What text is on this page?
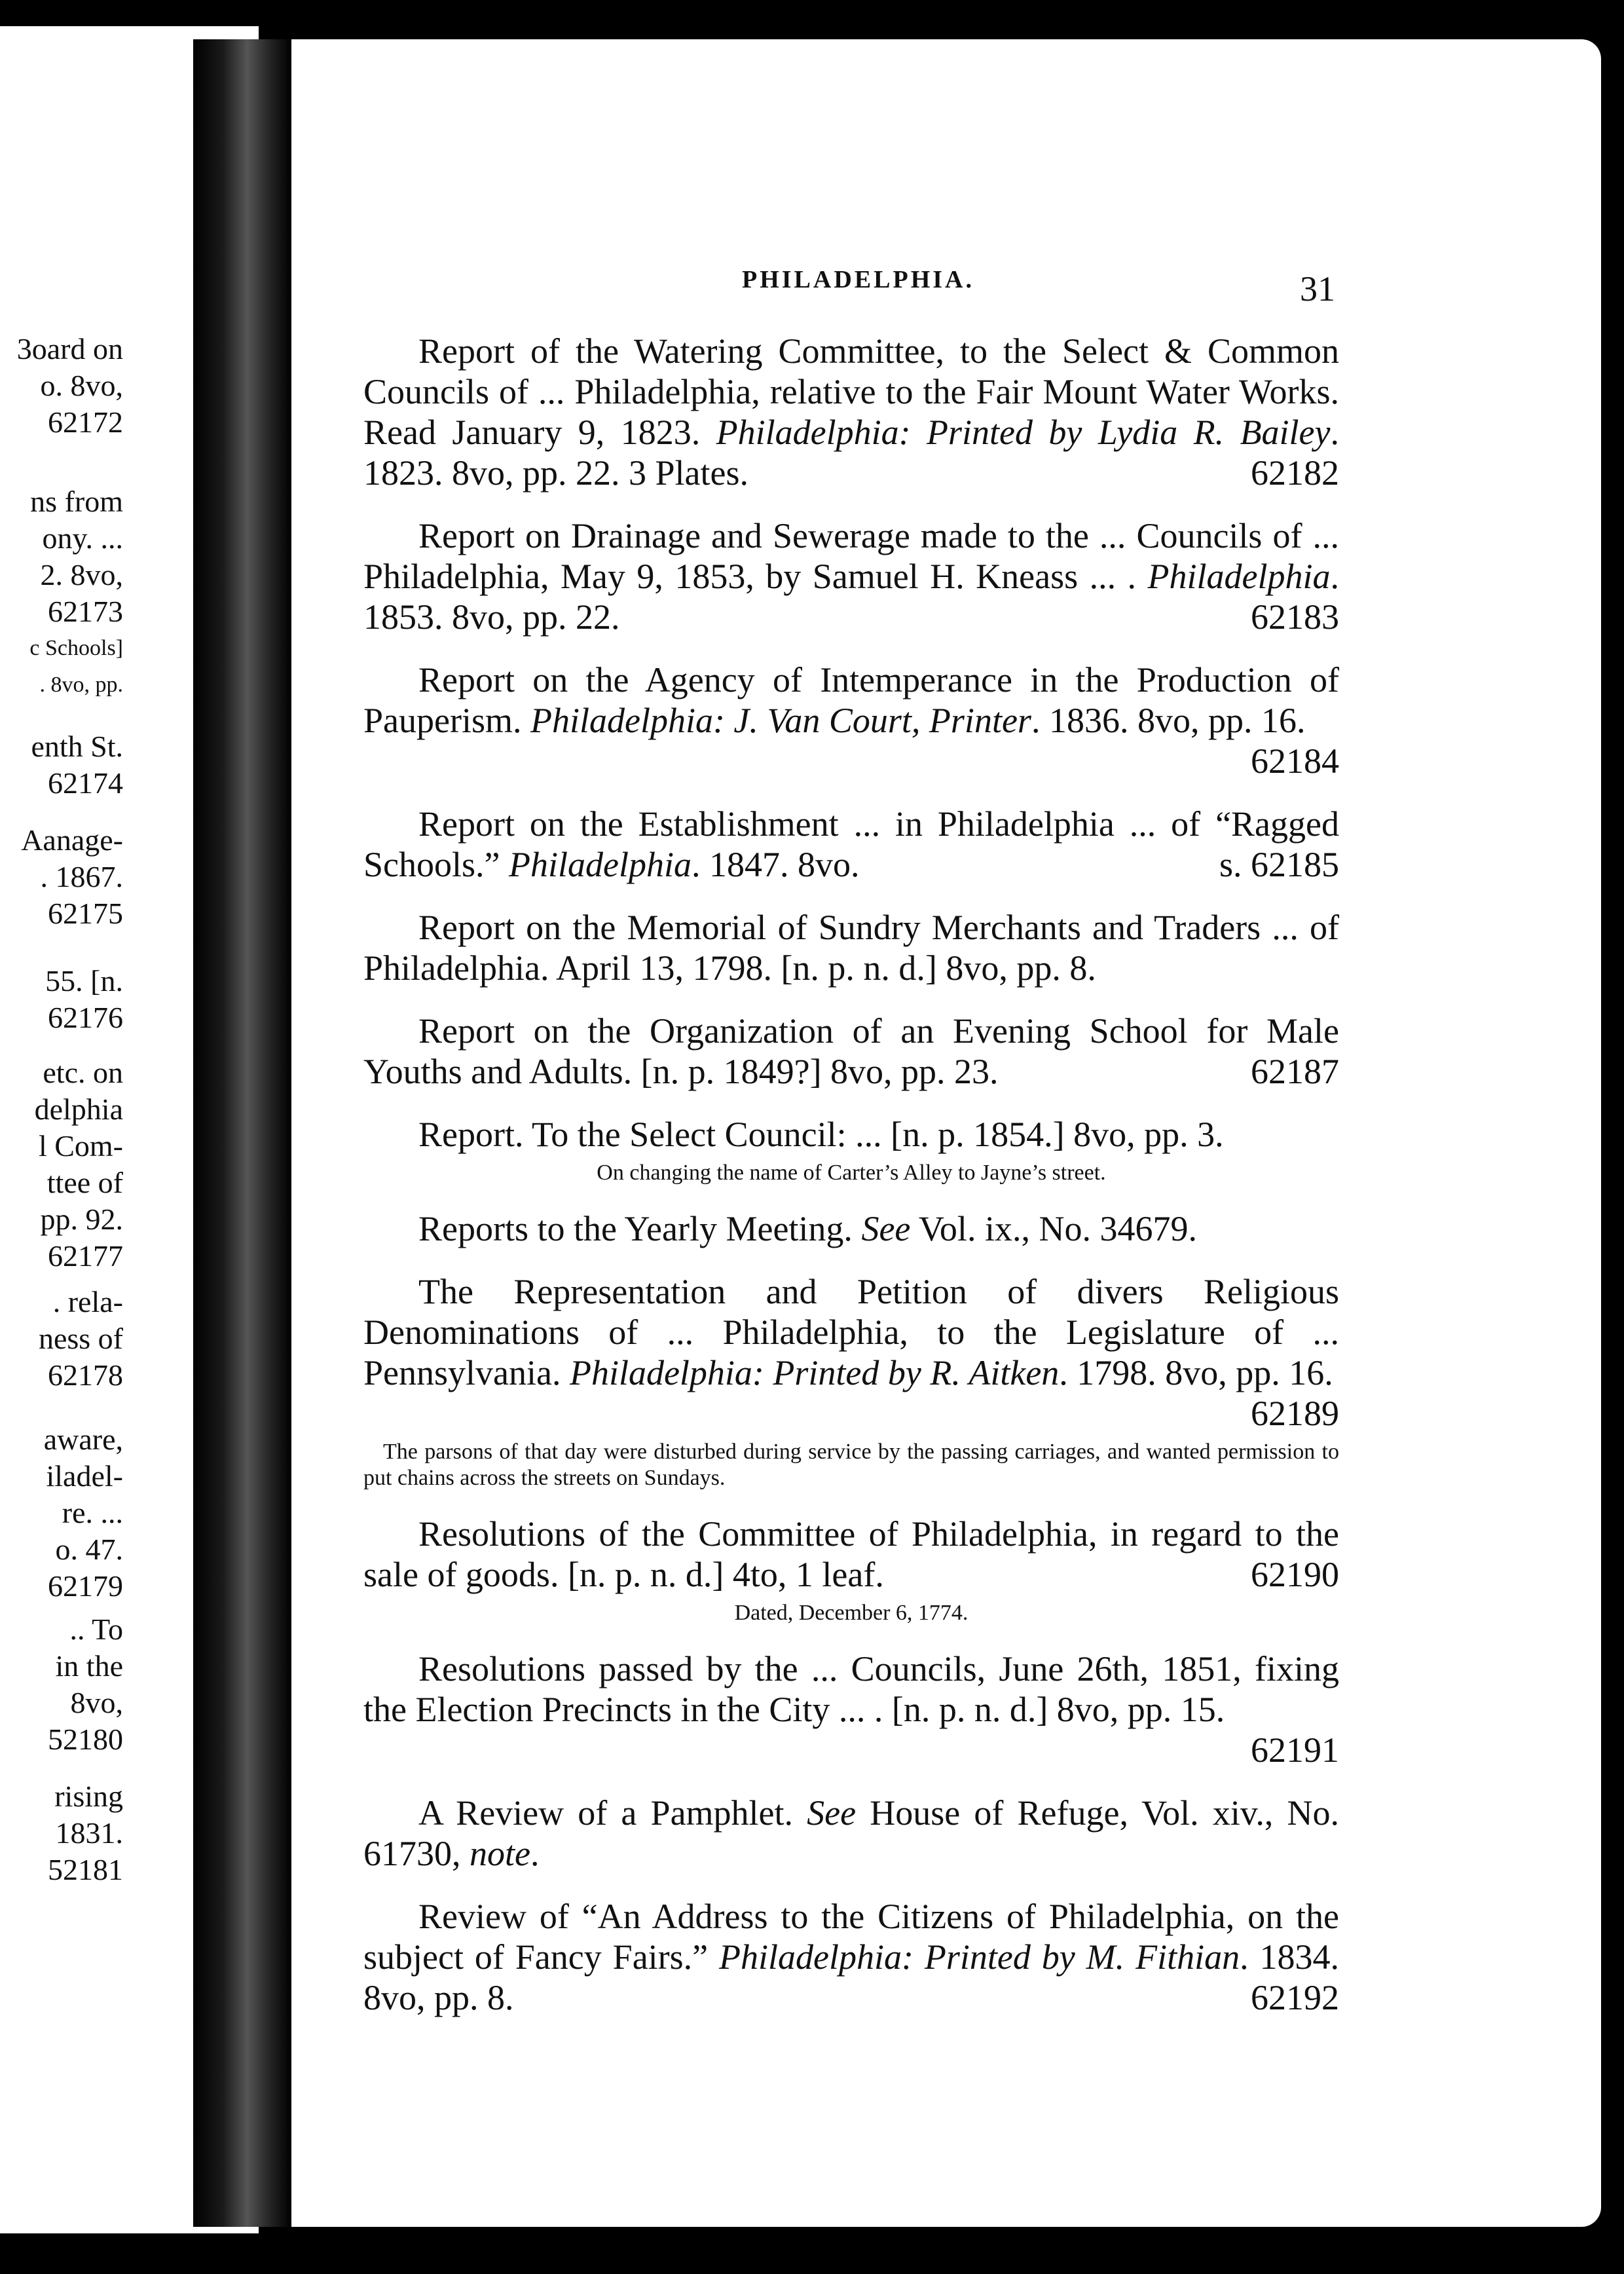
3oard on
o. 8vo,
62172
ns from
ony. ...
2. 8vo,
62173
c Schools]
. 8vo, pp.
enth St.
62174
Aanage-
. 1867.
62175
55. [n.
62176
etc. on
delphia
l Com-
ttee of
pp. 92.
62177
. rela-
ness of
62178
aware,
iladel-
re. ...
o. 47.
62179
.. To
in the
8vo,
52180
rising
1831.
52181
PHILADELPHIA.	31
Report of the Watering Committee, to the Select & Common Councils of ... Philadelphia, relative to the Fair Mount Water Works. Read January 9, 1823. Philadelphia: Printed by Lydia R. Bailey. 1823. 8vo, pp. 22. 3 Plates.	62182
Report on Drainage and Sewerage made to the ... Councils of ... Philadelphia, May 9, 1853, by Samuel H. Kneass ... . Philadelphia. 1853. 8vo, pp. 22.	62183
Report on the Agency of Intemperance in the Production of Pauperism. Philadelphia: J. Van Court, Printer. 1836. 8vo, pp. 16.
62184
Report on the Establishment ... in Philadelphia ... of “Ragged Schools.” Philadelphia. 1847. 8vo.	s. 62185
Report on the Memorial of Sundry Merchants and Traders ... of Philadelphia. April 13, 1798. [n. p. n. d.] 8vo, pp. 8.
Report on the Organization of an Evening School for Male Youths and Adults. [n. p. 1849?] 8vo, pp. 23.	62187
Report. To the Select Council: ... [n. p. 1854.] 8vo, pp. 3.
On changing the name of Carter’s Alley to Jayne’s street.
Reports to the Yearly Meeting. See Vol. ix., No. 34679.
The Representation and Petition of divers Religious Denominations of ... Philadelphia, to the Legislature of ... Pennsylvania. Philadelphia: Printed by R. Aitken. 1798. 8vo, pp. 16.
62189
The parsons of that day were disturbed during service by the passing carriages, and wanted permission to put chains across the streets on Sundays.
Resolutions of the Committee of Philadelphia, in regard to the sale of goods. [n. p. n. d.] 4to, 1 leaf.	62190
Dated, December 6, 1774.
Resolutions passed by the ... Councils, June 26th, 1851, fixing the Election Precincts in the City ... . [n. p. n. d.] 8vo, pp. 15.
62191
A Review of a Pamphlet. See House of Refuge, Vol. xiv., No. 61730, note.
Review of “An Address to the Citizens of Philadelphia, on the subject of Fancy Fairs.” Philadelphia: Printed by M. Fithian. 1834. 8vo, pp. 8.	62192
